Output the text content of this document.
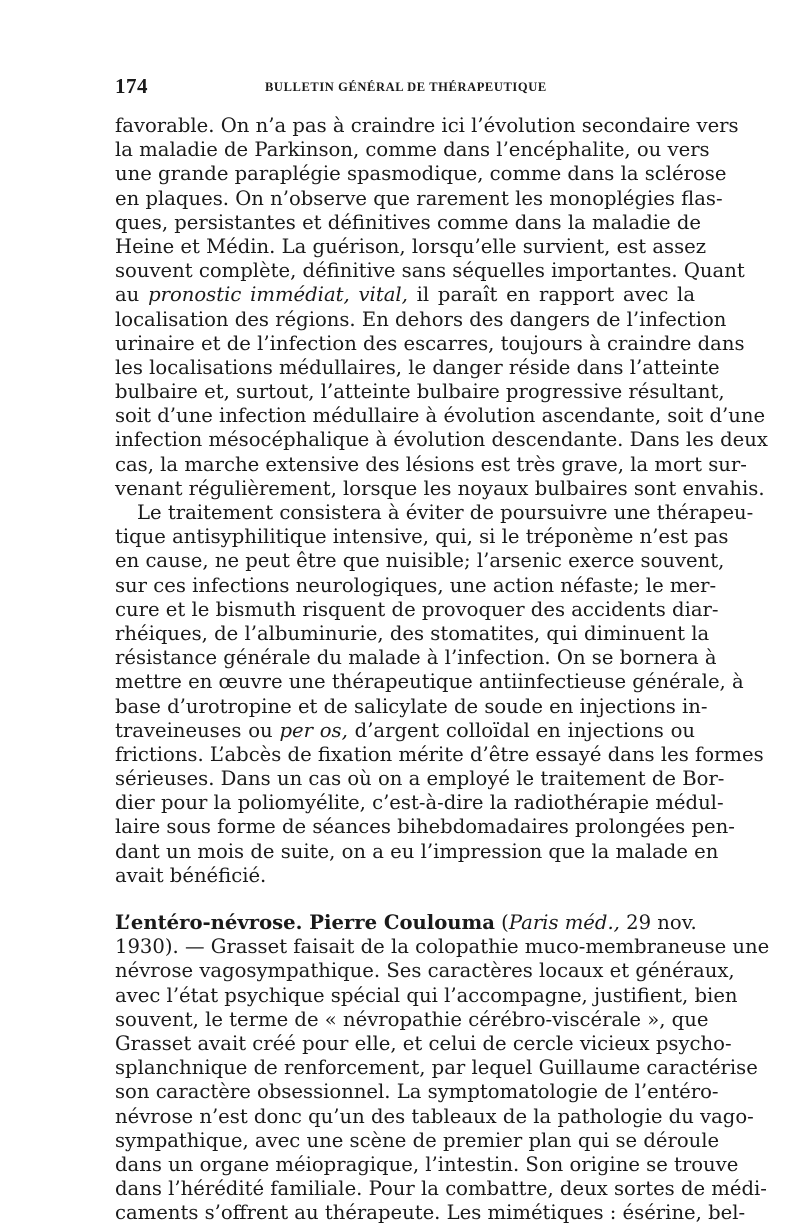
174	BULLETIN GÉNÉRAL DE THÉRAPEUTIQUE
favorable. On n’a pas à craindre ici l’évolution secondaire vers
la maladie de Parkinson, comme dans l’encéphalite, ou vers
une grande paraplégie spasmodique, comme dans la sclérose
en plaques. On n’observe que rarement les monoplégies flas-
ques, persistantes et définitives comme dans la maladie de
Heine et Médin. La guérison, lorsqu’elle survient, est assez
souvent complète, définitive sans séquelles importantes. Quant
au pronostic immédiat, vital, il paraît en rapport avec la
localisation des régions. En dehors des dangers de l’infection
urinaire et de l’infection des escarres, toujours à craindre dans
les localisations médullaires, le danger réside dans l’atteinte
bulbaire et, surtout, l’atteinte bulbaire progressive résultant,
soit d’une infection médullaire à évolution ascendante, soit d’une
infection mésocéphalique à évolution descendante. Dans les deux
cas, la marche extensive des lésions est très grave, la mort sur-
venant régulièrement, lorsque les noyaux bulbaires sont envahis.
Le traitement consistera à éviter de poursuivre une thérapeu-
tique antisyphilitique intensive, qui, si le tréponème n’est pas
en cause, ne peut être que nuisible; l’arsenic exerce souvent,
sur ces infections neurologiques, une action néfaste; le mer-
cure et le bismuth risquent de provoquer des accidents diar-
rhéiques, de l’albuminurie, des stomatites, qui diminuent la
résistance générale du malade à l’infection. On se bornera à
mettre en œuvre une thérapeutique antiinfectieuse générale, à
base d’urotropine et de salicylate de soude en injections in-
traveineuses ou per os, d’argent colloïdal en injections ou
frictions. L’abcès de fixation mérite d’être essayé dans les formes
sérieuses. Dans un cas où on a employé le traitement de Bor-
dier pour la poliomyélite, c’est-à-dire la radiothérapie médul-
laire sous forme de séances bihebdomadaires prolongées pen-
dant un mois de suite, on a eu l’impression que la malade en
avait bénéficié.
L’entéro-névrose. Pierre Coulouma (Paris méd., 29 nov.
1930). — Grasset faisait de la colopathie muco-membraneuse une
névrose vagosympathique. Ses caractères locaux et généraux,
avec l’état psychique spécial qui l’accompagne, justifient, bien
souvent, le terme de « névropathie cérébro-viscérale », que
Grasset avait créé pour elle, et celui de cercle vicieux psycho-
splanchnique de renforcement, par lequel Guillaume caractérise
son caractère obsessionnel. La symptomatologie de l’entéro-
névrose n’est donc qu’un des tableaux de la pathologie du vago-
sympathique, avec une scène de premier plan qui se déroule
dans un organe méiopragique, l’intestin. Son origine se trouve
dans l’hérédité familiale. Pour la combattre, deux sortes de médi-
caments s’offrent au thérapeute. Les mimétiques : ésérine, bel-
